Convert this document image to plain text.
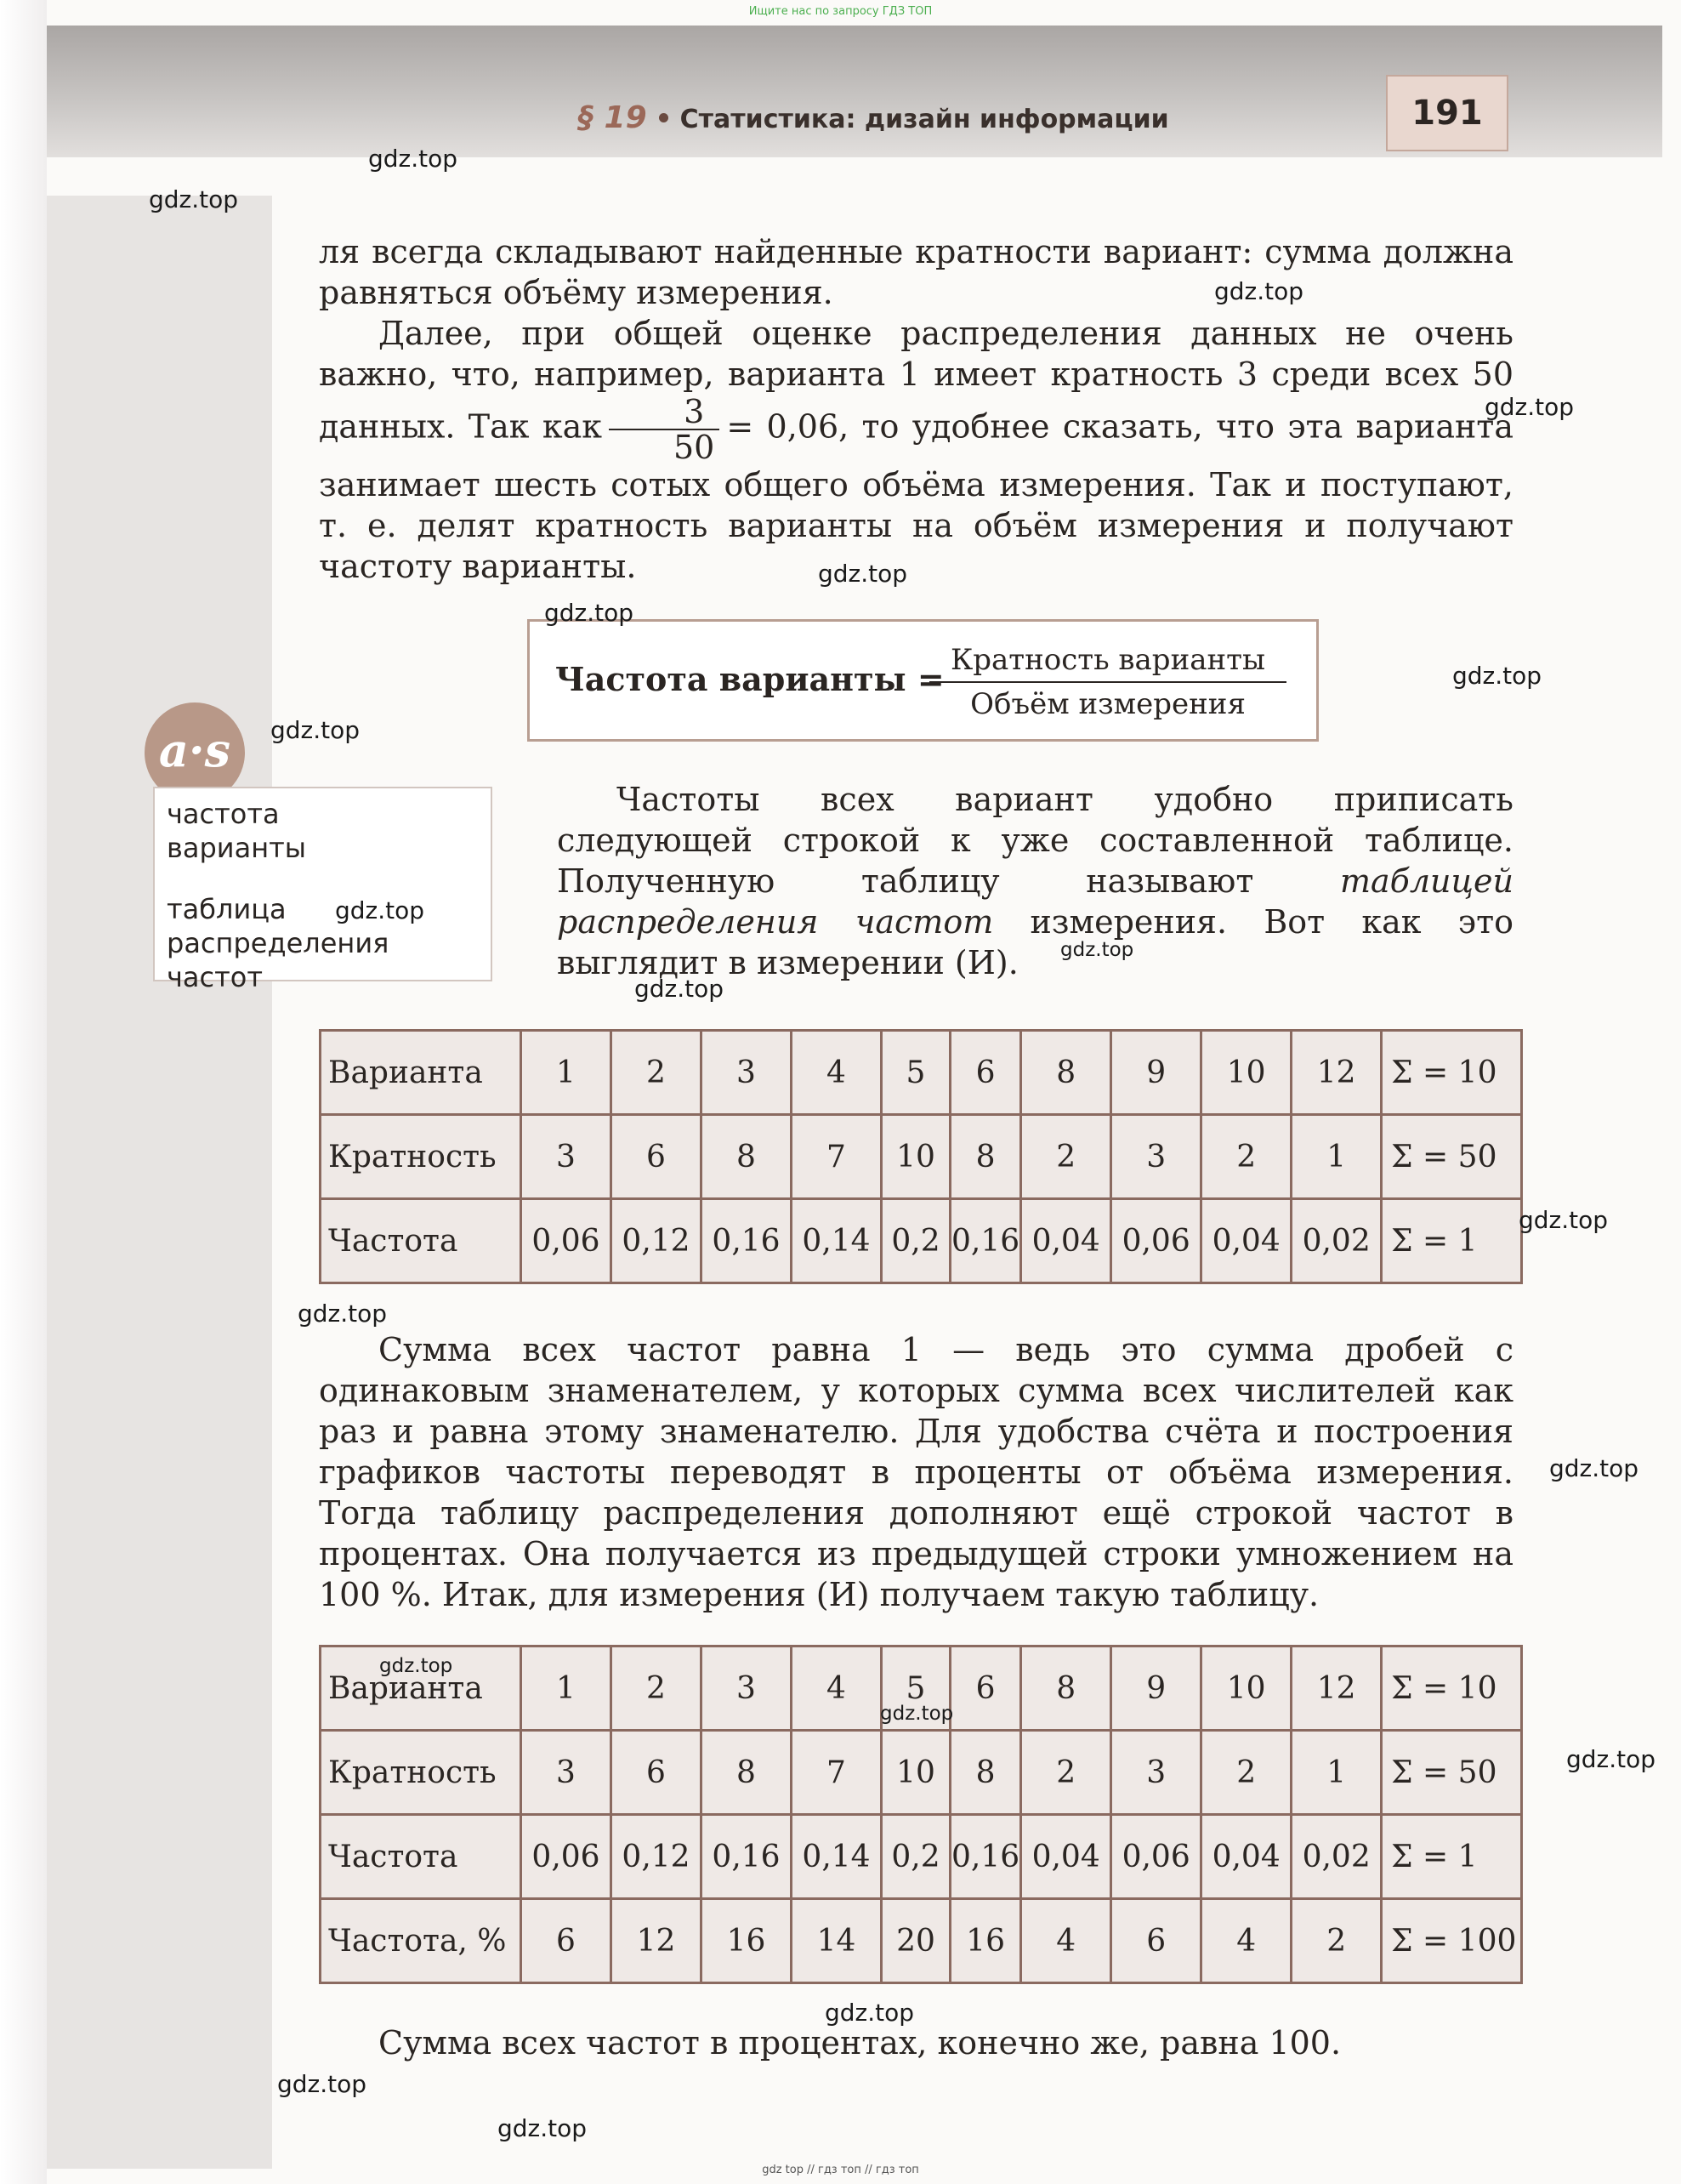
Ищите нас по запросу ГДЗ ТОП
§ 19 Статистика: дизайн информации	191

ля всегда складывают найденные кратности вариант: сумма должна равняться объёму измерения.

Далее, при общей оценке распределения данных не очень важно, что, например, варианта 1 имеет кратность 3 среди всех 50 данных. Так как $\frac{3}{50} = 0,06$, то удобнее сказать, что эта варианта занимает шесть сотых общего объёма измерения. Так и поступают, т. е. делят кратность варианты на объём измерения и получают частоту варианты.

Частота варианты = Кратность варианты
Объём измерения
a·s
частота
варианты
таблица
распределения частот

Частоты всех вариант удобно приписать следующей строкой к уже составленной таблице. Полученную таблицу называют таблицей распределения частот измерения. Вот как это выглядит в измерении (И).

Варианта	1	2	3	4	5	6	8	9	10	12	Σ = 10
Кратность	3	6	8	7	10	8	2	3	2	1	Σ = 50
Частота	0,06	0,12	0,16	0,14	0,2	0,16	0,04	0,06	0,04	0,02	Σ = 1

Сумма всех частот равна 1 — ведь это сумма дробей с одинаковым знаменателем, у которых сумма всех числителей как раз и равна этому знаменателю. Для удобства счёта и построения графиков частоты переводят в проценты от объёма измерения. Тогда таблицу распределения дополняют ещё строкой частот в процентах. Она получается из предыдущей строки умножением на 100 %. Итак, для измерения (И) получаем такую таблицу.

Варианта	1	2	3	4	5	6	8	9	10	12	Σ = 10
Кратность	3	6	8	7	10	8	2	3	2	1	Σ = 50
Частота	0,06	0,12	0,16	0,14	0,2	0,16	0,04	0,06	0,04	0,02	Σ = 1
Частота, %	6	12	16	14	20	16	4	6	4	2	Σ = 100

Сумма всех частот в процентах, конечно же, равна 100.

gdz.top
gdz.top
gdz.top
gdz.top
gdz.top
gdz.top
gdz.top
gdz.top
gdz.top
gdz.top
gdz.top
gdz.top
gdz.top
gdz.top
gdz.top
gdz.top
gdz.top
gdz.top
gdz.top
gdz.top
gdz top // гдз топ // гдз топ
